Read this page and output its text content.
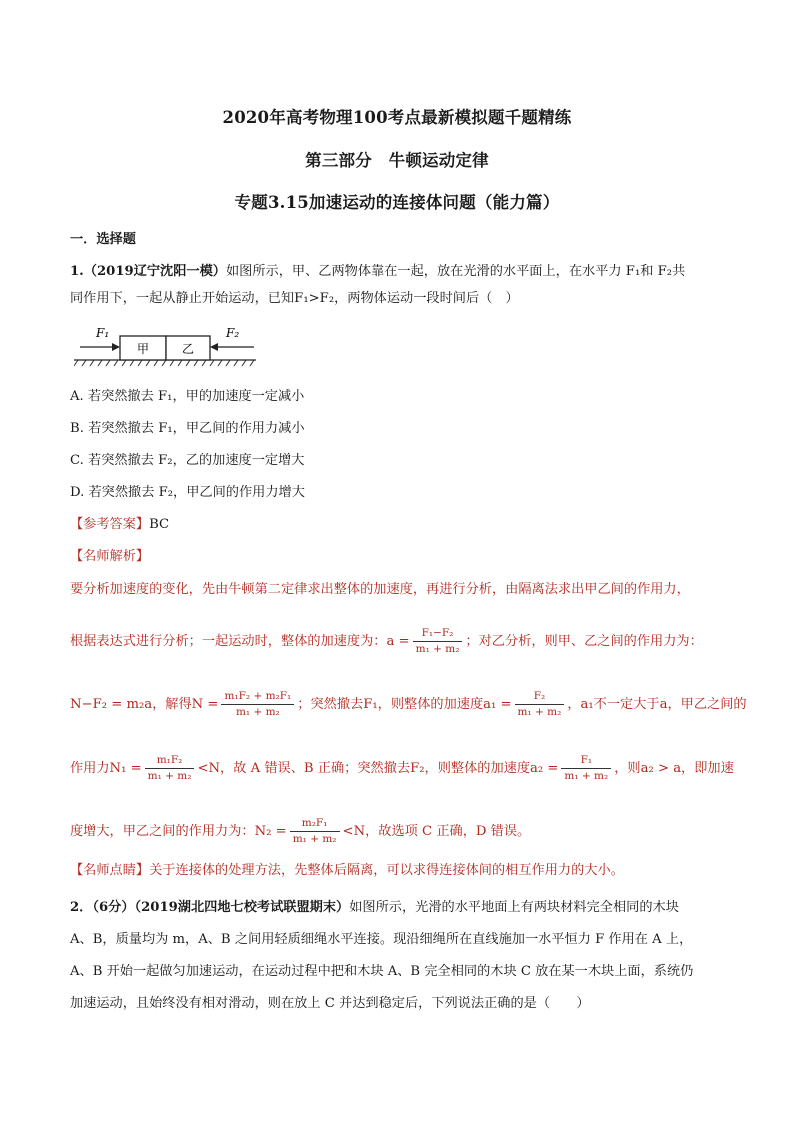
2020年高考物理100考点最新模拟题千题精练
第三部分　牛顿运动定律
专题3.15加速运动的连接体问题（能力篇）
一．选择题
1.（2019辽宁沈阳一模）如图所示，甲、乙两物体靠在一起，放在光滑的水平面上，在水平力 F₁和 F₂共
同作用下，一起从静止开始运动，已知F₁>F₂，两物体运动一段时间后（　）
甲	乙
F₁	F₂
A. 若突然撤去 F₁，甲的加速度一定减小
B. 若突然撤去 F₁，甲乙间的作用力减小
C. 若突然撤去 F₂，乙的加速度一定增大
D. 若突然撤去 F₂，甲乙间的作用力增大
【参考答案】BC
【名师解析】
要分析加速度的变化，先由牛顿第二定律求出整体的加速度，再进行分析，由隔离法求出甲乙间的作用力，
根据表达式进行分析；一起运动时，整体的加速度为：$a = \frac{\text{F₁−F₂}}{\text{m₁ + m₂}}$ ；对乙分析，则甲、乙之间的作用力为：
N−F₂ = m₂a，解得$N = \frac{\text{m₁F₂ + m₂F₁}}{\text{m₁ + m₂}}$ ；突然撤去F₁，则整体的加速度$a_1 = \frac{\text{F₂}}{\text{m₁ + m₂}}$ ，a₁不一定大于a，甲乙之间的
作用力$N_1 = \frac{\text{m₁F₂}}{\text{m₁ + m₂}} <N$，故 A 错误、B 正确；突然撤去F₂，则整体的加速度$a_2 = \frac{\text{F₁}}{\text{m₁ + m₂}}$ ，则a₂ > a，即加速
度增大，甲乙之间的作用力为：$N_2 = \frac{\text{m₂F₁}}{\text{m₁ + m₂}} <N$，故选项 C 正确，D 错误。
【名师点睛】关于连接体的处理方法，先整体后隔离，可以求得连接体间的相互作用力的大小。
2．（6分）（2019湖北四地七校考试联盟期末）如图所示，光滑的水平地面上有两块材料完全相同的木块
A、B，质量均为 m，A、B 之间用轻质细绳水平连接。现沿细绳所在直线施加一水平恒力 F 作用在 A 上，
A、B 开始一起做匀加速运动，在运动过程中把和木块 A、B 完全相同的木块 C 放在某一木块上面，系统仍
加速运动，且始终没有相对滑动，则在放上 C 并达到稳定后，下列说法正确的是（　　）
